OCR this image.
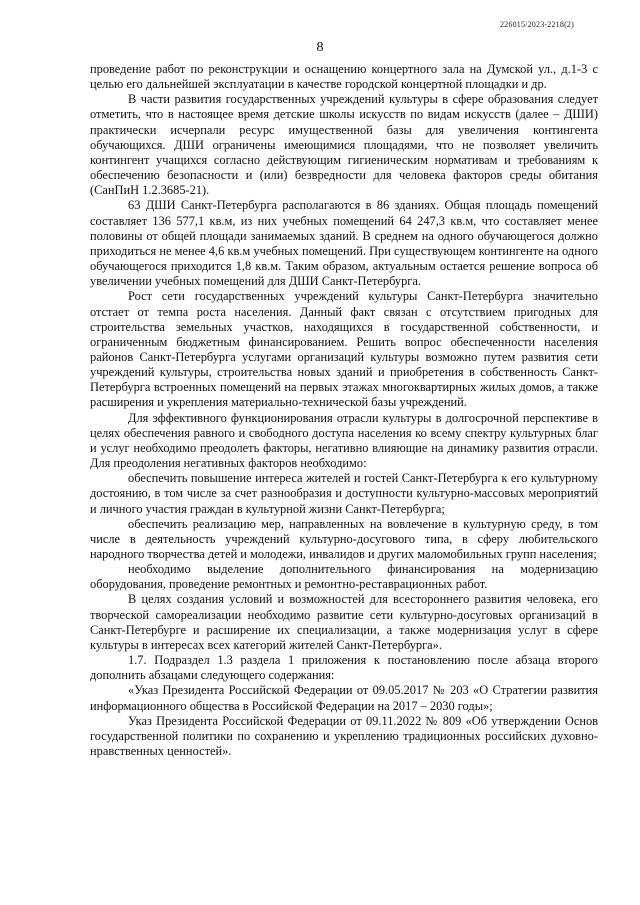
226015/2023-2218(2)
8

проведение работ по реконструкции и оснащению концертного зала на Думской ул., д.1-3 с целью его дальнейшей эксплуатации в качестве городской концертной площадки и др.

В части развития государственных учреждений культуры в сфере образования следует отметить, что в настоящее время детские школы искусств по видам искусств (далее – ДШИ) практически исчерпали ресурс имущественной базы для увеличения контингента обучающихся. ДШИ ограничены имеющимися площадями, что не позволяет увеличить контингент учащихся согласно действующим гигиеническим нормативам и требованиям к обеспечению безопасности и (или) безвредности для человека факторов среды обитания (СанПиН 1.2.3685-21).

63 ДШИ Санкт-Петербурга располагаются в 86 зданиях. Общая площадь помещений составляет 136 577,1 кв.м, из них учебных помещений 64 247,3 кв.м, что составляет менее половины от общей площади занимаемых зданий. В среднем на одного обучающегося должно приходиться не менее 4,6 кв.м учебных помещений. При существующем контингенте на одного обучающегося приходится 1,8 кв.м. Таким образом, актуальным остается решение вопроса об увеличении учебных помещений для ДШИ Санкт-Петербурга.

Рост сети государственных учреждений культуры Санкт-Петербурга значительно отстает от темпа роста населения. Данный факт связан с отсутствием пригодных для строительства земельных участков, находящихся в государственной собственности, и ограниченным бюджетным финансированием. Решить вопрос обеспеченности населения районов Санкт-Петербурга услугами организаций культуры возможно путем развития сети учреждений культуры, строительства новых зданий и приобретения в собственность Санкт-Петербурга встроенных помещений на первых этажах многоквартирных жилых домов, а также расширения и укрепления материально-технической базы учреждений.

Для эффективного функционирования отрасли культуры в долгосрочной перспективе в целях обеспечения равного и свободного доступа населения ко всему спектру культурных благ и услуг необходимо преодолеть факторы, негативно влияющие на динамику развития отрасли. Для преодоления негативных факторов необходимо:

обеспечить повышение интереса жителей и гостей Санкт-Петербурга к его культурному достоянию, в том числе за счет разнообразия и доступности культурно-массовых мероприятий и личного участия граждан в культурной жизни Санкт-Петербурга;

обеспечить реализацию мер, направленных на вовлечение в культурную среду, в том числе в деятельность учреждений культурно-досугового типа, в сферу любительского народного творчества детей и молодежи, инвалидов и других маломобильных групп населения;

необходимо выделение дополнительного финансирования на модернизацию оборудования, проведение ремонтных и ремонтно-реставрационных работ.

В целях создания условий и возможностей для всестороннего развития человека, его творческой самореализации необходимо развитие сети культурно-досуговых организаций в Санкт-Петербурге и расширение их специализации, а также модернизация услуг в сфере культуры в интересах всех категорий жителей Санкт-Петербурга».

1.7. Подраздел 1.3 раздела 1 приложения к постановлению после абзаца второго дополнить абзацами следующего содержания:

«Указ Президента Российской Федерации от 09.05.2017 № 203 «О Стратегии развития информационного общества в Российской Федерации на 2017 – 2030 годы»;

Указ Президента Российской Федерации от 09.11.2022 № 809 «Об утверждении Основ государственной политики по сохранению и укреплению традиционных российских духовно-нравственных ценностей».
